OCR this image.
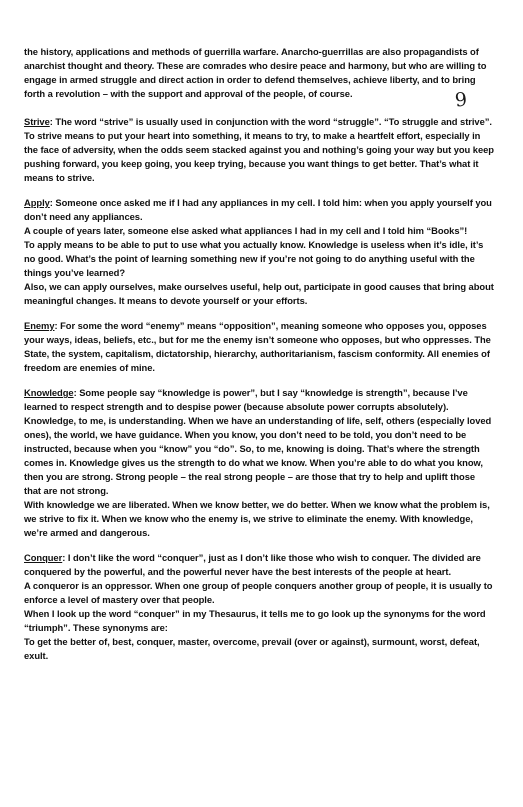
9

the history, applications and methods of guerrilla warfare. Anarcho-guerrillas are also propagandists of anarchist thought and theory. These are comrades who desire peace and harmony, but who are willing to engage in armed struggle and direct action in order to defend themselves, achieve liberty, and to bring forth a revolution – with the support and approval of the people, of course.

Strive: The word “strive” is usually used in conjunction with the word “struggle”. “To struggle and strive”. To strive means to put your heart into something, it means to try, to make a heartfelt effort, especially in the face of adversity, when the odds seem stacked against you and nothing’s going your way but you keep pushing forward, you keep going, you keep trying, because you want things to get better. That’s what it means to strive.

Apply: Someone once asked me if I had any appliances in my cell. I told him: when you apply yourself you don’t need any appliances.

A couple of years later, someone else asked what appliances I had in my cell and I told him “Books”!

To apply means to be able to put to use what you actually know. Knowledge is useless when it’s idle, it’s no good. What’s the point of learning something new if you’re not going to do anything useful with the things you’ve learned?

Also, we can apply ourselves, make ourselves useful, help out, participate in good causes that bring about meaningful changes. It means to devote yourself or your efforts.

Enemy: For some the word “enemy” means “opposition”, meaning someone who opposes you, opposes your ways, ideas, beliefs, etc., but for me the enemy isn’t someone who opposes, but who oppresses. The State, the system, capitalism, dictatorship, hierarchy, authoritarianism, fascism conformity. All enemies of freedom are enemies of mine.

Knowledge: Some people say “knowledge is power”, but I say “knowledge is strength”, because I’ve learned to respect strength and to despise power (because absolute power corrupts absolutely). Knowledge, to me, is understanding. When we have an understanding of life, self, others (especially loved ones), the world, we have guidance. When you know, you don’t need to be told, you don’t need to be instructed, because when you “know” you “do”. So, to me, knowing is doing. That’s where the strength comes in. Knowledge gives us the strength to do what we know. When you’re able to do what you know, then you are strong. Strong people – the real strong people – are those that try to help and uplift those that are not strong.

With knowledge we are liberated. When we know better, we do better. When we know what the problem is, we strive to fix it. When we know who the enemy is, we strive to eliminate the enemy. With knowledge, we’re armed and dangerous.

Conquer: I don’t like the word “conquer”, just as I don’t like those who wish to conquer. The divided are conquered by the powerful, and the powerful never have the best interests of the people at heart.

A conqueror is an oppressor. When one group of people conquers another group of people, it is usually to enforce a level of mastery over that people.

When I look up the word “conquer” in my Thesaurus, it tells me to go look up the synonyms for the word “triumph”. These synonyms are:

To get the better of, best, conquer, master, overcome, prevail (over or against), surmount, worst, defeat, exult.
